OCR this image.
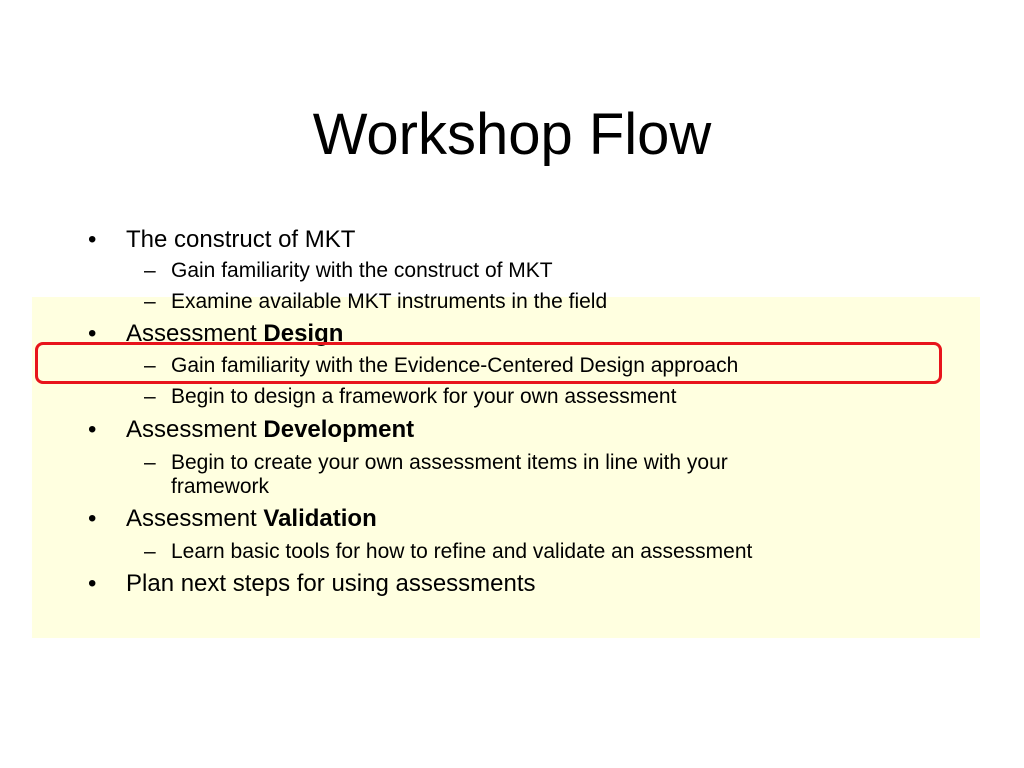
Workshop Flow
• The construct of MKT
– Gain familiarity with the construct of MKT
– Examine available MKT instruments in the field
• Assessment Design
– Gain familiarity with the Evidence-Centered Design approach
– Begin to design a framework for your own assessment
• Assessment Development
– Begin to create your own assessment items in line with your
framework
• Assessment Validation
– Learn basic tools for how to refine and validate an assessment
• Plan next steps for using assessments
